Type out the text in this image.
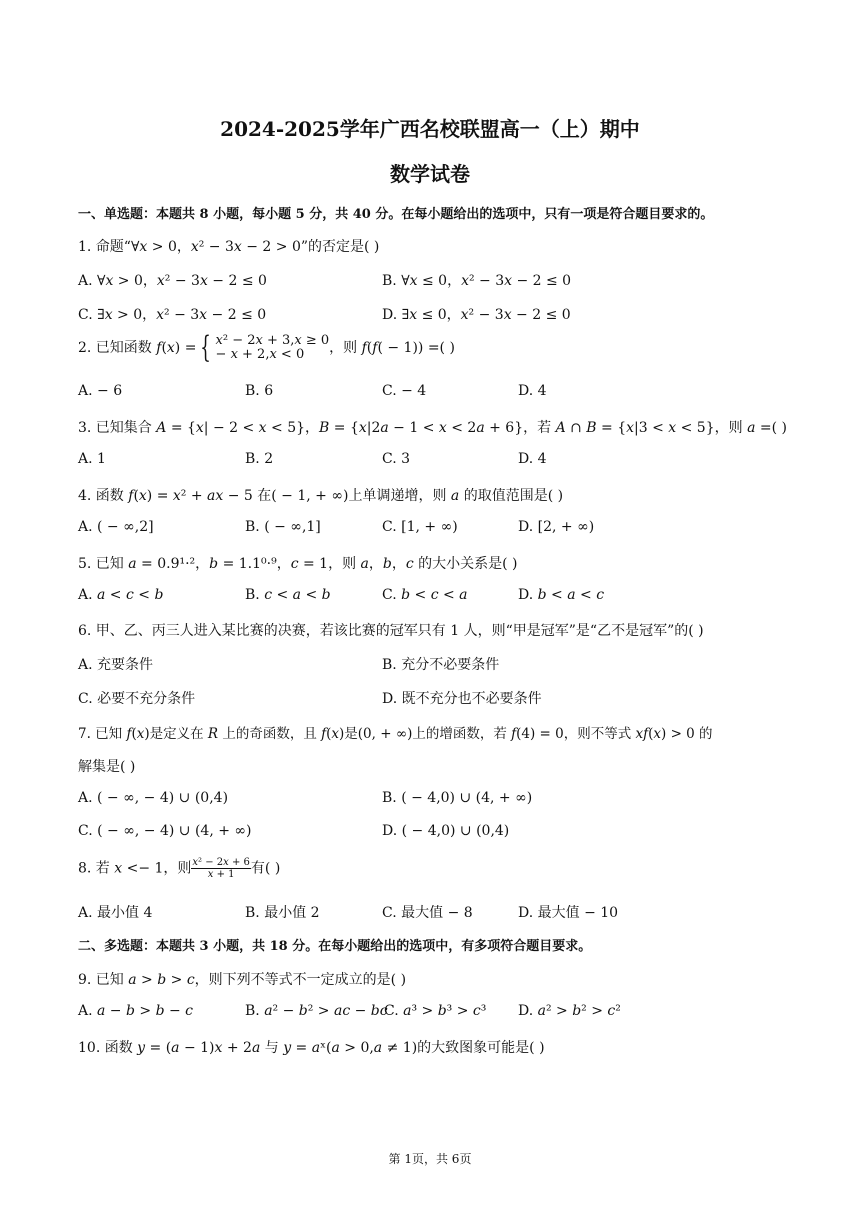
2024-2025学年广西名校联盟高一（上）期中
数学试卷
一、单选题：本题共 8 小题，每小题 5 分，共 40 分。在每小题给出的选项中，只有一项是符合题目要求的。
1. 命题“∀𝑥 > 0，𝑥² − 3𝑥 − 2 > 0”的否定是( )
A. ∀𝑥 > 0，𝑥² − 3𝑥 − 2 ≤ 0	B. ∀𝑥 ≤ 0，𝑥² − 3𝑥 − 2 ≤ 0
C. ∃𝑥 > 0，𝑥² − 3𝑥 − 2 ≤ 0	D. ∃𝑥 ≤ 0，𝑥² − 3𝑥 − 2 ≤ 0
2. 已知函数 𝑓(𝑥) = { 𝑥² − 2𝑥 + 3,𝑥 ≥ 0
− 𝑥 + 2,𝑥 < 0 ，则 𝑓(𝑓( − 1)) =( )
A. − 6	B. 6	C. − 4	D. 4
3. 已知集合 𝐴 = {𝑥| − 2 < 𝑥 < 5}，𝐵 = {𝑥|2𝑎 − 1 < 𝑥 < 2𝑎 + 6}，若 𝐴 ∩ 𝐵 = {𝑥|3 < 𝑥 < 5}，则 𝑎 =( )
A. 1	B. 2	C. 3	D. 4
4. 函数 𝑓(𝑥) = 𝑥² + 𝑎𝑥 − 5 在( − 1, + ∞)上单调递增，则 𝑎 的取值范围是( )
A. ( − ∞,2]	B. ( − ∞,1]	C. [1, + ∞)	D. [2, + ∞)
5. 已知 𝑎 = 0.9¹·²，𝑏 = 1.1⁰·⁹，𝑐 = 1，则 𝑎，𝑏，𝑐 的大小关系是( )
A. 𝑎 < 𝑐 < 𝑏	B. 𝑐 < 𝑎 < 𝑏	C. 𝑏 < 𝑐 < 𝑎	D. 𝑏 < 𝑎 < 𝑐
6. 甲、乙、丙三人进入某比赛的决赛，若该比赛的冠军只有 1 人，则“甲是冠军”是“乙不是冠军”的( )
A. 充要条件	B. 充分不必要条件
C. 必要不充分条件	D. 既不充分也不必要条件
7. 已知 𝑓(𝑥)是定义在 𝑅 上的奇函数，且 𝑓(𝑥)是(0, + ∞)上的增函数，若 𝑓(4) = 0，则不等式 𝑥𝑓(𝑥) > 0 的
解集是( )
A. ( − ∞, − 4) ∪ (0,4)	B. ( − 4,0) ∪ (4, + ∞)
C. ( − ∞, − 4) ∪ (4, + ∞)	D. ( − 4,0) ∪ (0,4)
8. 若 𝑥 <− 1，则 $\frac{\text{𝑥² − 2𝑥 + 6}}{\text{𝑥 + 1}}$ 有( )
A. 最小值 4	B. 最小值 2	C. 最大值 − 8	D. 最大值 − 10
二、多选题：本题共 3 小题，共 18 分。在每小题给出的选项中，有多项符合题目要求。
9. 已知 𝑎 > 𝑏 > 𝑐，则下列不等式不一定成立的是( )
A. 𝑎 − 𝑏 > 𝑏 − 𝑐	B. 𝑎² − 𝑏² > 𝑎𝑐 − 𝑏𝑐
C. 𝑎³ > 𝑏³ > 𝑐³ D. 𝑎² > 𝑏² > 𝑐²
10. 函数 𝑦 = (𝑎 − 1)𝑥 + 2𝑎 与 𝑦 = 𝑎ˣ(𝑎 > 0,𝑎 ≠ 1)的大致图象可能是( )
第 1页，共 6页
